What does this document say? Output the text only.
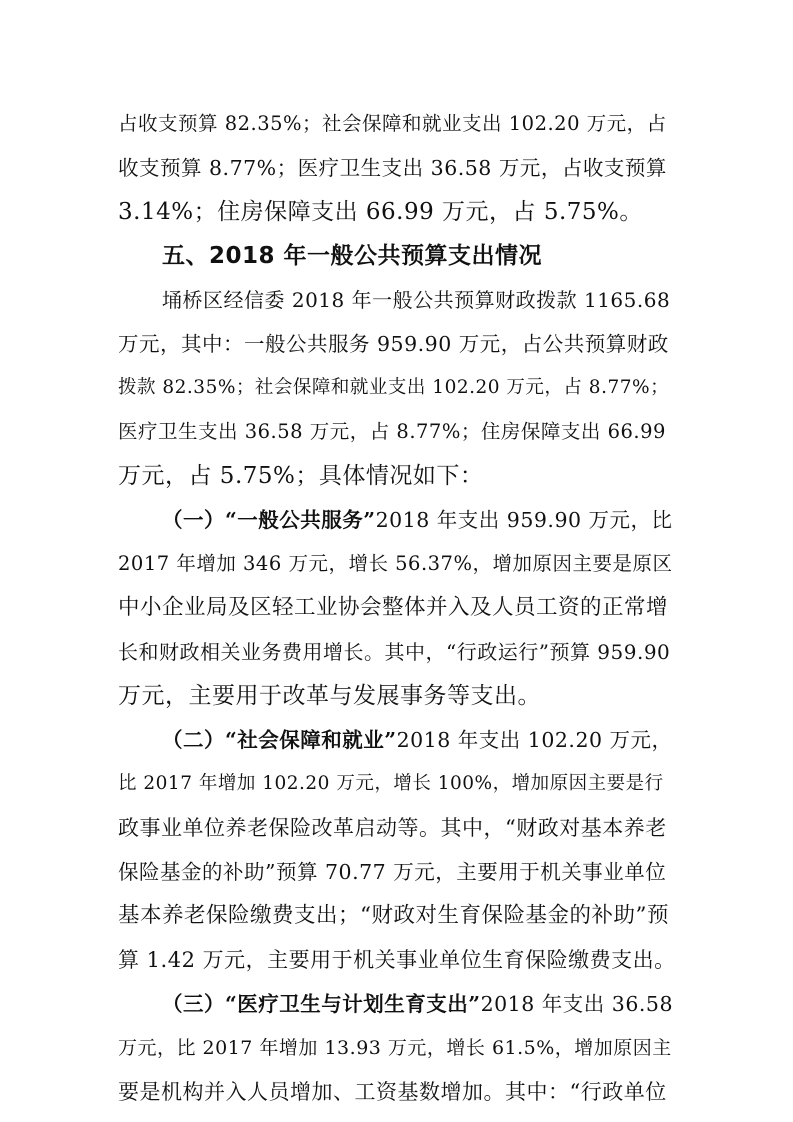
占收支预算 82.35%；社会保障和就业支出 102.20 万元，占
收支预算 8.77%；医疗卫生支出 36.58 万元，占收支预算
3.14%；住房保障支出 66.99 万元，占 5.75%。
五、2018 年一般公共预算支出情况
埇桥区经信委 2018 年一般公共预算财政拨款 1165.68
万元，其中：一般公共服务 959.90 万元，占公共预算财政
拨款 82.35%；社会保障和就业支出 102.20 万元，占 8.77%；
医疗卫生支出 36.58 万元，占 8.77%；住房保障支出 66.99
万元，占 5.75%；具体情况如下：
（一）“一般公共服务”2018 年支出 959.90 万元，比
2017 年增加 346 万元，增长 56.37%，增加原因主要是原区
中小企业局及区轻工业协会整体并入及人员工资的正常增
长和财政相关业务费用增长。其中，“行政运行”预算 959.90
万元，主要用于改革与发展事务等支出。
（二）“社会保障和就业”2018 年支出 102.20 万元，
比 2017 年增加 102.20 万元，增长 100%，增加原因主要是行
政事业单位养老保险改革启动等。其中，“财政对基本养老
保险基金的补助”预算 70.77 万元，主要用于机关事业单位
基本养老保险缴费支出；“财政对生育保险基金的补助”预
算 1.42 万元，主要用于机关事业单位生育保险缴费支出。
（三）“医疗卫生与计划生育支出”2018 年支出 36.58
万元，比 2017 年增加 13.93 万元，增长 61.5%，增加原因主
要是机构并入人员增加、工资基数增加。其中：“行政单位
